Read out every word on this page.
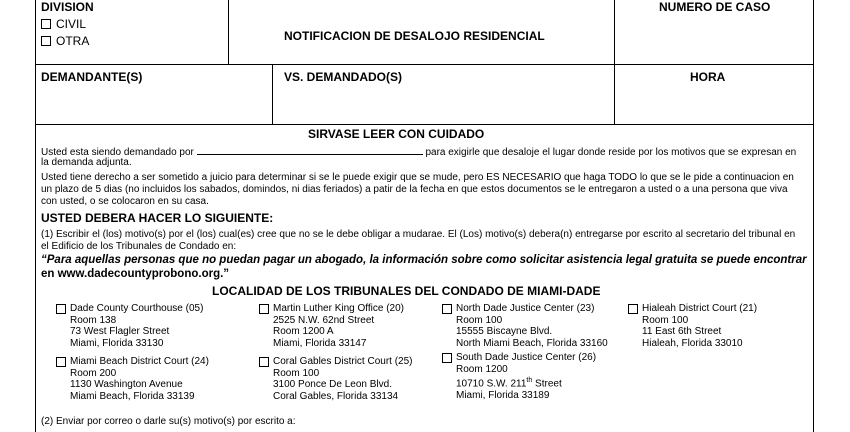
DIVISION
CIVIL
OTRA	NOTIFICACION DE DESALOJO RESIDENCIAL
NUMERO DE CASO
DEMANDANTE(S)	VS. DEMANDADO(S)	HORA
SIRVASE LEER CON CUIDADO
Usted esta siendo demandado por	para exigirle que desaloje el lugar donde reside por los motivos que se expresan en
la demanda adjunta.
Usted tiene derecho a ser sometido a juicio para determinar si se le puede exigir que se mude, pero ES NECESARIO que haga TODO lo que se le pide a continuacion en
un plazo de 5 dias (no incluidos los sabados, domindos, ni dias feriados) a patir de la fecha en que estos documentos se le entregaron a usted o a una persona que viva
con usted, o se colocaron en su casa.
USTED DEBERA HACER LO SIGUIENTE:
(1) Escribir el (los) motivo(s) por el (los) cual(es) cree que no se le debe obligar a mudarae. El (Los) motivo(s) debera(n) entregarse por escrito al secretario del tribunal en
el Edificio de los Tribunales de Condado en:
“Para aquellas personas que no puedan pagar un abogado, la información sobre como solicitar asistencia legal gratuita se puede encontrar
en www.dadecountyprobono.org.”
LOCALIDAD DE LOS TRIBUNALES DEL CONDADO DE MIAMI-DADE
Dade County Courthouse (05)
Room 138
73 West Flagler Street
Miami, Florida 33130
Martin Luther King Office (20)
2525 N.W. 62nd Street
Room 1200 A
Miami, Florida 33147
North Dade Justice Center (23)
Room 100
15555 Biscayne Blvd.
North Miami Beach, Florida 33160
Hialeah District Court (21)
Room 100
11 East 6th Street
Hialeah, Florida 33010
Miami Beach District Court (24)
Room 200
1130 Washington Avenue
Miami Beach, Florida 33139
Coral Gables District Court (25)
Room 100
3100 Ponce De Leon Blvd.
Coral Gables, Florida 33134
South Dade Justice Center (26)
Room 1200
10710 S.W. 211th Street
Miami, Florida 33189
(2) Enviar por correo o darle su(s) motivo(s) por escrito a:
